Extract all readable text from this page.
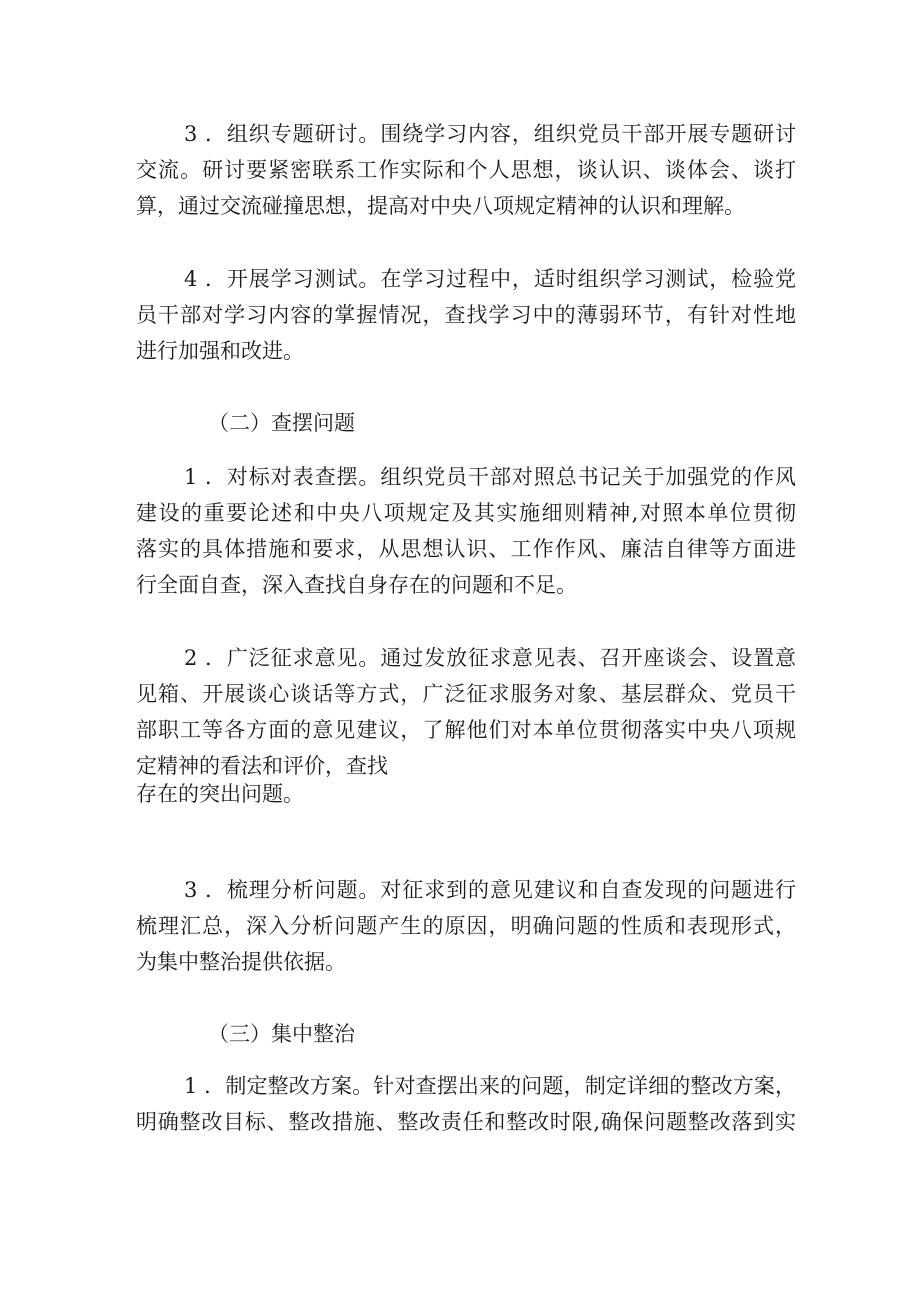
3 ．组织专题研讨。围绕学习内容，组织党员干部开展专题研讨
交流。研讨要紧密联系工作实际和个人思想，谈认识、谈体会、谈打
算，通过交流碰撞思想，提高对中央八项规定精神的认识和理解。

4 ．开展学习测试。在学习过程中，适时组织学习测试，检验党
员干部对学习内容的掌握情况，查找学习中的薄弱环节，有针对性地
进行加强和改进。

（二）查摆问题

1 ．对标对表查摆。组织党员干部对照总书记关于加强党的作风
建设的重要论述和中央八项规定及其实施细则精神,对照本单位贯彻
落实的具体措施和要求，从思想认识、工作作风、廉洁自律等方面进
行全面自查，深入查找自身存在的问题和不足。

2 ．广泛征求意见。通过发放征求意见表、召开座谈会、设置意
见箱、开展谈心谈话等方式，广泛征求服务对象、基层群众、党员干
部职工等各方面的意见建议，了解他们对本单位贯彻落实中央八项规
定精神的看法和评价，查找
存在的突出问题。

3 ．梳理分析问题。对征求到的意见建议和自查发现的问题进行
梳理汇总，深入分析问题产生的原因，明确问题的性质和表现形式，
为集中整治提供依据。

（三）集中整治

1 ．制定整改方案。针对查摆出来的问题，制定详细的整改方案，
明确整改目标、整改措施、整改责任和整改时限,确保问题整改落到实
